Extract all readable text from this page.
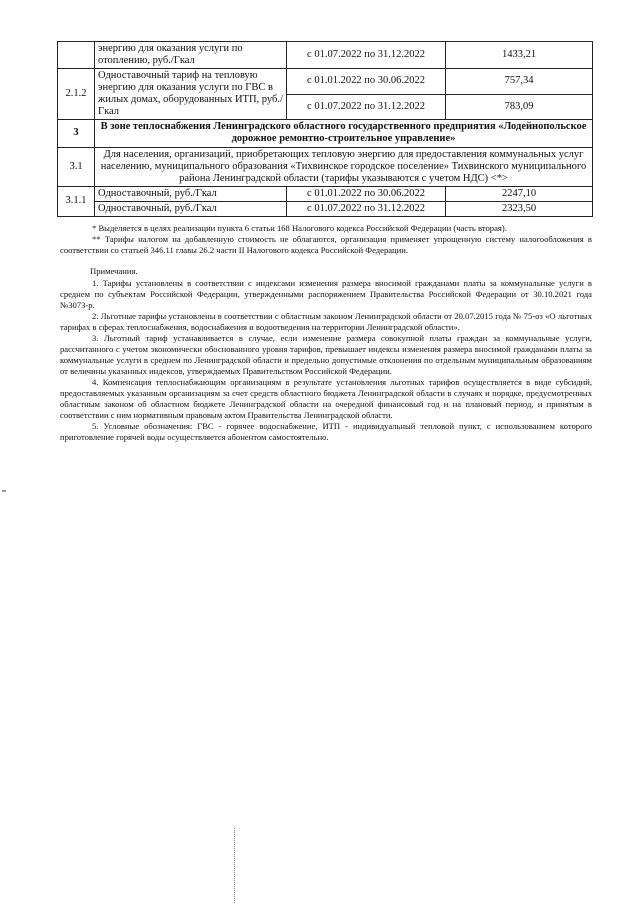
	энергию для оказания услуги по отоплению, руб./Гкал	с 01.07.2022 по 31.12.2022	1433,21
2.1.2	Одноставочный тариф на тепловую энергию для оказания услуги по ГВС в жилых домах, оборудованных ИТП, руб./Гкал	с 01.01.2022 по 30.06.2022	757,34
		с 01.07.2022 по 31.12.2022	783,09
3	В зоне теплоснабжения Ленинградского областного государственного предприятия «Лодейнопольское дорожное ремонтно-строительное управление»		
3.1	Для населения, организаций, приобретающих тепловую энергию для предоставления коммунальных услуг населению, муниципального образования «Тихвинское городское поселение» Тихвинского муниципального района Ленинградской области (тарифы указываются с учетом НДС) <*>		
3.1.1	Одноставочный, руб./Гкал	с 01.01.2022 по 30.06.2022	2247,10
	Одноставочный, руб./Гкал	с 01.07.2022 по 31.12.2022	2323,50

* Выделяется в целях реализации пункта 6 статьи 168 Налогового кодекса Российской Федерации (часть вторая).

** Тарифы налогом на добавленную стоимость не облагаются, организация применяет упрощенную систему налогообложения в соответствии со статьей 346.11 главы 26.2 части II Налогового кодекса Российской Федерации.

Примечания.

1. Тарифы установлены в соответствии с индексами изменения размера вносимой гражданами платы за коммунальные услуги в среднем по субъектам Российской Федерации, утвержденными распоряжением Правительства Российской Федерации от 30.10.2021 года №3073-р.

2. Льготные тарифы установлены в соответствии с областным законом Ленинградской области от 20.07.2015 года № 75-оз «О льготных тарифах в сферах теплоснабжения, водоснабжения и водоотведения на территории Ленинградской области».

3. Льготный тариф устанавливается в случае, если изменение размера совокупной платы граждан за коммунальные услуги, рассчитанного с учетом экономически обоснованного уровня тарифов, превышает индексы изменения размера вносимой гражданами платы за коммунальные услуги в среднем по Ленинградской области и предельно допустимые отклонения по отдельным муниципальным образованиям от величины указанных индексов, утверждаемых Правительством Российской Федерации.

4. Компенсация теплоснабжающим организациям в результате установления льготных тарифов осуществляется в виде субсидий, предоставляемых указанным организациям за счет средств областного бюджета Ленинградской области в случаях и порядке, предусмотренных областным законом об областном бюджете Ленинградской области на очередной финансовый год и на плановый период, и принятым в соответствии с ним нормативным правовым актом Правительства Ленинградской области.

5. Условные обозначения: ГВС - горячее водоснабжение, ИТП - индивидуальный тепловой пункт, с использованием которого приготовление горячей воды осуществляется абонентом самостоятельно.
